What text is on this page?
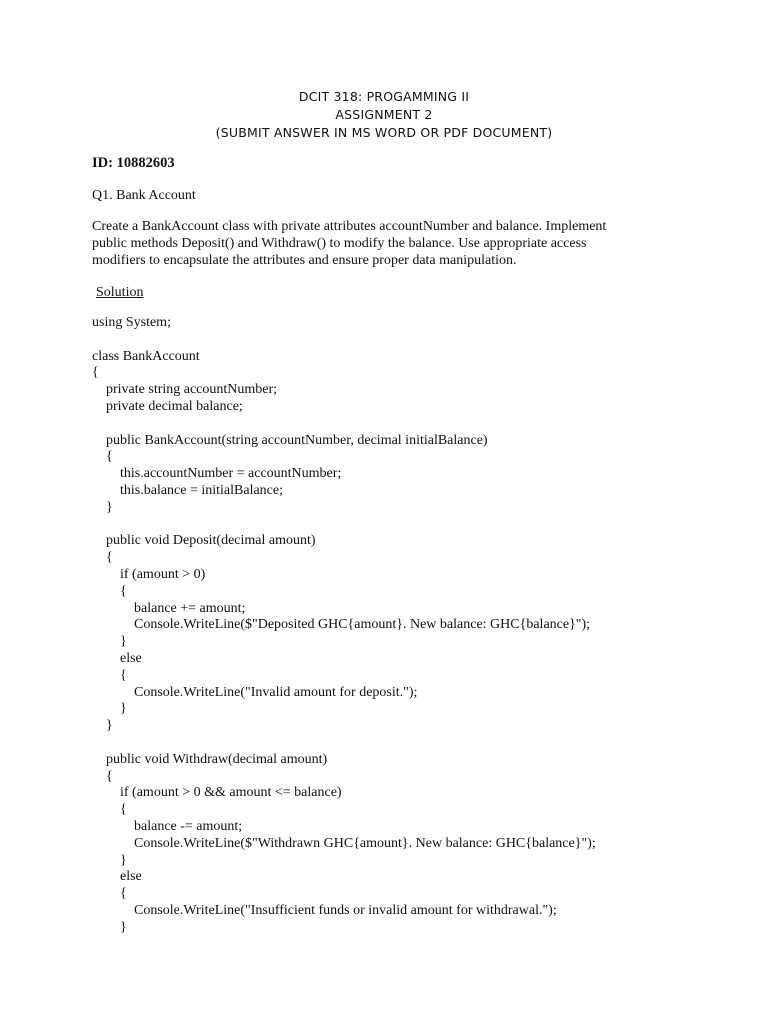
DCIT 318: PROGAMMING II
ASSIGNMENT 2
(SUBMIT ANSWER IN MS WORD OR PDF DOCUMENT)
ID: 10882603
Q1. Bank Account
Create a BankAccount class with private attributes accountNumber and balance. Implement
public methods Deposit() and Withdraw() to modify the balance. Use appropriate access
modifiers to encapsulate the attributes and ensure proper data manipulation.
Solution
using System;
class BankAccount
{
private string accountNumber;
private decimal balance;
public BankAccount(string accountNumber, decimal initialBalance)
{
this.accountNumber = accountNumber;
this.balance = initialBalance;
}
public void Deposit(decimal amount)
{
if (amount > 0)
{
balance += amount;
Console.WriteLine($"Deposited GHC{amount}. New balance: GHC{balance}");
}
else
{
Console.WriteLine("Invalid amount for deposit.");
}
}
public void Withdraw(decimal amount)
{
if (amount > 0 && amount <= balance)
{
balance -= amount;
Console.WriteLine($"Withdrawn GHC{amount}. New balance: GHC{balance}");
}
else
{
Console.WriteLine("Insufficient funds or invalid amount for withdrawal.");
}
